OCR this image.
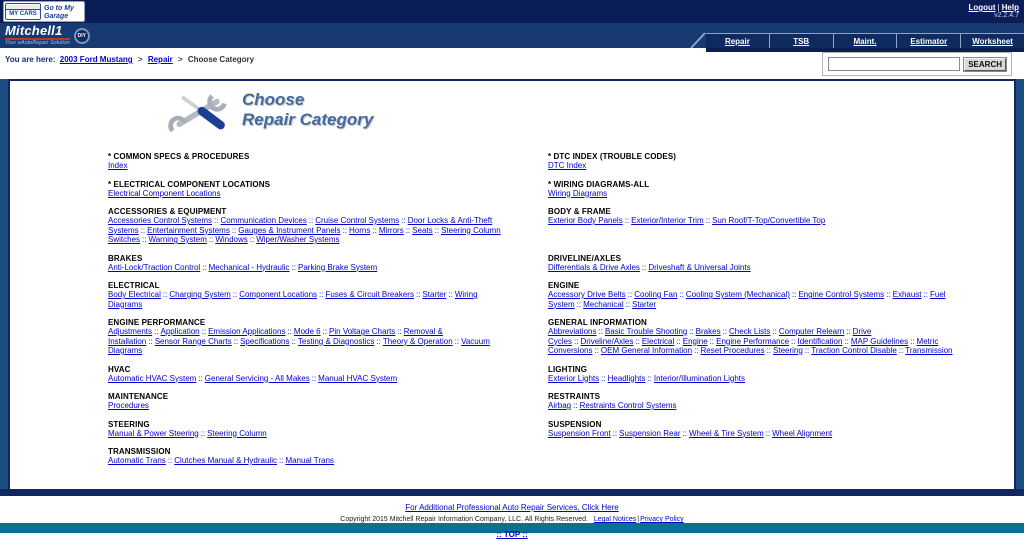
MY CARS
Go to My Garage
Logout | Help
v2.2.4.7
Mitchell1
Your eAutoRepair Solution
DIY
Repair	TSB	Maint.	Estimator	Worksheet
You are here: 2003 Ford Mustang > Repair > Choose Category	SEARCH
Choose
Repair Category
* COMMON SPECS & PROCEDURES
Index
* DTC INDEX (TROUBLE CODES)
DTC Index
* ELECTRICAL COMPONENT LOCATIONS
Electrical Component Locations
* WIRING DIAGRAMS-ALL
Wiring Diagrams
ACCESSORIES & EQUIPMENT
Accessories Control Systems :: Communication Devices :: Cruise Control Systems :: Door Locks & Anti-Theft Systems :: Entertainment Systems :: Gauges & Instrument Panels :: Horns :: Mirrors :: Seats :: Steering Column Switches :: Warning System :: Windows :: Wiper/Washer Systems
BODY & FRAME
Exterior Body Panels :: Exterior/Interior Trim :: Sun Roof/T-Top/Convertible Top
BRAKES
Anti-Lock/Traction Control :: Mechanical - Hydraulic :: Parking Brake System
DRIVELINE/AXLES
Differentials & Drive Axles :: Driveshaft & Universal Joints
ELECTRICAL
Body Electrical :: Charging System :: Component Locations :: Fuses & Circuit Breakers :: Starter :: Wiring Diagrams
ENGINE
Accessory Drive Belts :: Cooling Fan :: Cooling System (Mechanical) :: Engine Control Systems :: Exhaust :: Fuel System :: Mechanical :: Starter
ENGINE PERFORMANCE
Adjustments :: Application :: Emission Applications :: Mode 6 :: Pin Voltage Charts :: Removal & Installation :: Sensor Range Charts :: Specifications :: Testing & Diagnostics :: Theory & Operation :: Vacuum Diagrams
GENERAL INFORMATION
Abbreviations :: Basic Trouble Shooting :: Brakes :: Check Lists :: Computer Relearn :: Drive Cycles :: Driveline/Axles :: Electrical :: Engine :: Engine Performance :: Identification :: MAP Guidelines :: Metric Conversions :: OEM General Information :: Reset Procedures :: Steering :: Traction Control Disable :: Transmission
HVAC
Automatic HVAC System :: General Servicing - All Makes :: Manual HVAC System
LIGHTING
Exterior Lights :: Headlights :: Interior/Illumination Lights
MAINTENANCE
Procedures
RESTRAINTS
Airbag :: Restraints Control Systems
STEERING
Manual & Power Steering :: Steering Column
SUSPENSION
Suspension Front :: Suspension Rear :: Wheel & Tire System :: Wheel Alignment
TRANSMISSION
Automatic Trans :: Clutches Manual & Hydraulic :: Manual Trans
For Additional Professional Auto Repair Services, Click Here
Copyright 2015 Mitchell Repair Information Company, LLC. All Rights Reserved. Legal Notices|Privacy Policy
:: TOP ::
